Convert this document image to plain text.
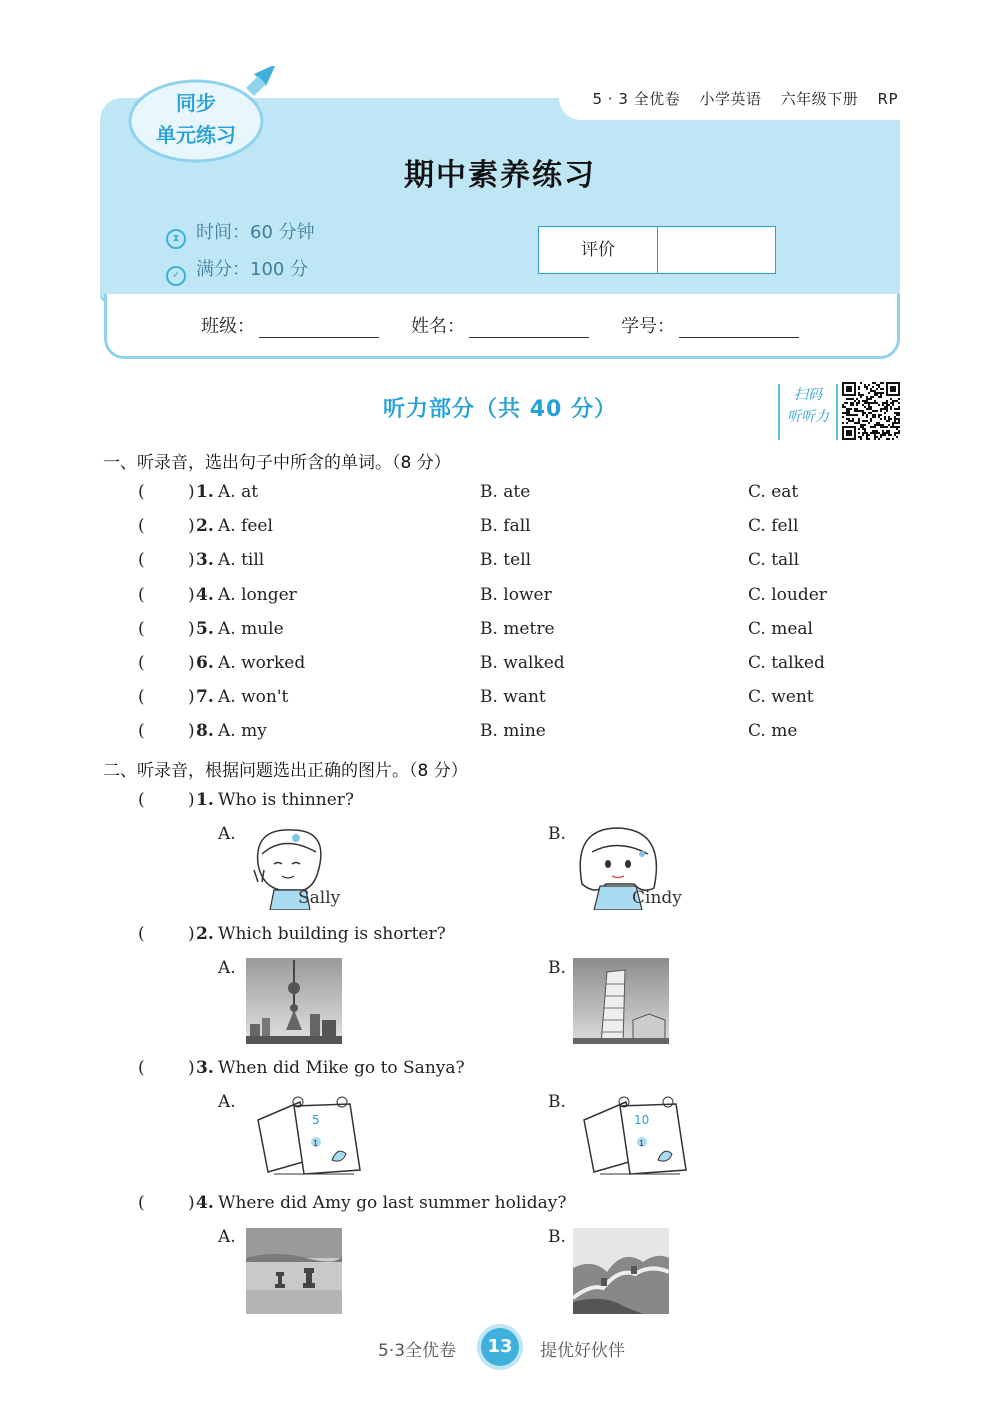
期中素养练习
⧗ 时间：60 分钟
✓ 满分：100 分
评价
5 · 3 全优卷 小学英语 六年级下册 RP
同步
单元练习
班级：	姓名：	学号：
听力部分（共 40 分）
扫码
听听力
一、听录音，选出句子中所含的单词。（8 分）
(	) 1. A. at	B. ate	C. eat
(	) 2. A. feel	B. fall	C. fell
(	) 3. A. till	B. tell	C. tall
(	) 4. A. longer	B. lower	C. louder
(	) 5. A. mule	B. metre	C. meal
(	) 6. A. worked	B. walked	C. talked
(	) 7. A. won't	B. want	C. went
(	) 8. A. my	B. mine	C. me
二、听录音，根据问题选出正确的图片。（8 分）
(	) 1. Who is thinner?
A.
Sally
B.
Cindy
(	) 2. Which building is shorter?
A.	B.
(	) 3. When did Mike go to Sanya?
A.
5
1
B.
10
1
(	) 4. Where did Amy go last summer holiday?
A.	B.
5·3全优卷	13	提优好伙伴
